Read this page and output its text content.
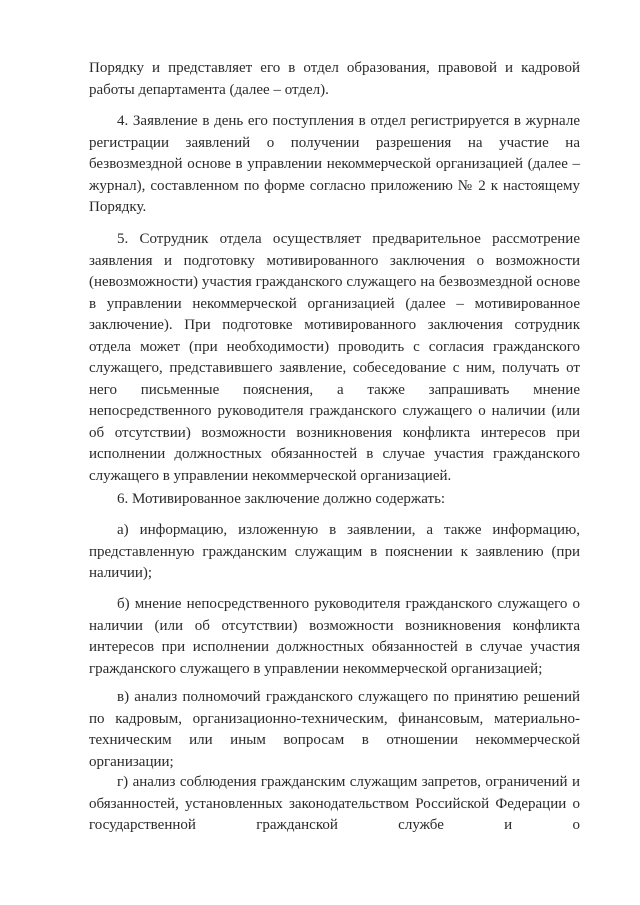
Порядку и представляет его в отдел образования, правовой и кадровой работы департамента (далее – отдел).

4. Заявление в день его поступления в отдел регистрируется в журнале регистрации заявлений о получении разрешения на участие на безвозмездной основе в управлении некоммерческой организацией (далее – журнал), составленном по форме согласно приложению № 2 к настоящему Порядку.

5. Сотрудник отдела осуществляет предварительное рассмотрение заявления и подготовку мотивированного заключения о возможности (невозможности) участия гражданского служащего на безвозмездной основе в управлении некоммерческой организацией (далее – мотивированное заключение). При подготовке мотивированного заключения сотрудник отдела может (при необходимости) проводить с согласия гражданского служащего, представившего заявление, собеседование с ним, получать от него письменные пояснения, а также запрашивать мнение непосредственного руководителя гражданского служащего о наличии (или об отсутствии) возможности возникновения конфликта интересов при исполнении должностных обязанностей в случае участия гражданского служащего в управлении некоммерческой организацией.

6. Мотивированное заключение должно содержать:

а) информацию, изложенную в заявлении, а также информацию, представленную гражданским служащим в пояснении к заявлению (при наличии);

б) мнение непосредственного руководителя гражданского служащего о наличии (или об отсутствии) возможности возникновения конфликта интересов при исполнении должностных обязанностей в случае участия гражданского служащего в управлении некоммерческой организацией;

в) анализ полномочий гражданского служащего по принятию решений по кадровым, организационно-техническим, финансовым, материально-техническим или иным вопросам в отношении некоммерческой организации;

г) анализ соблюдения гражданским служащим запретов, ограничений и обязанностей, установленных законодательством Российской Федерации о государственной гражданской службе и о
